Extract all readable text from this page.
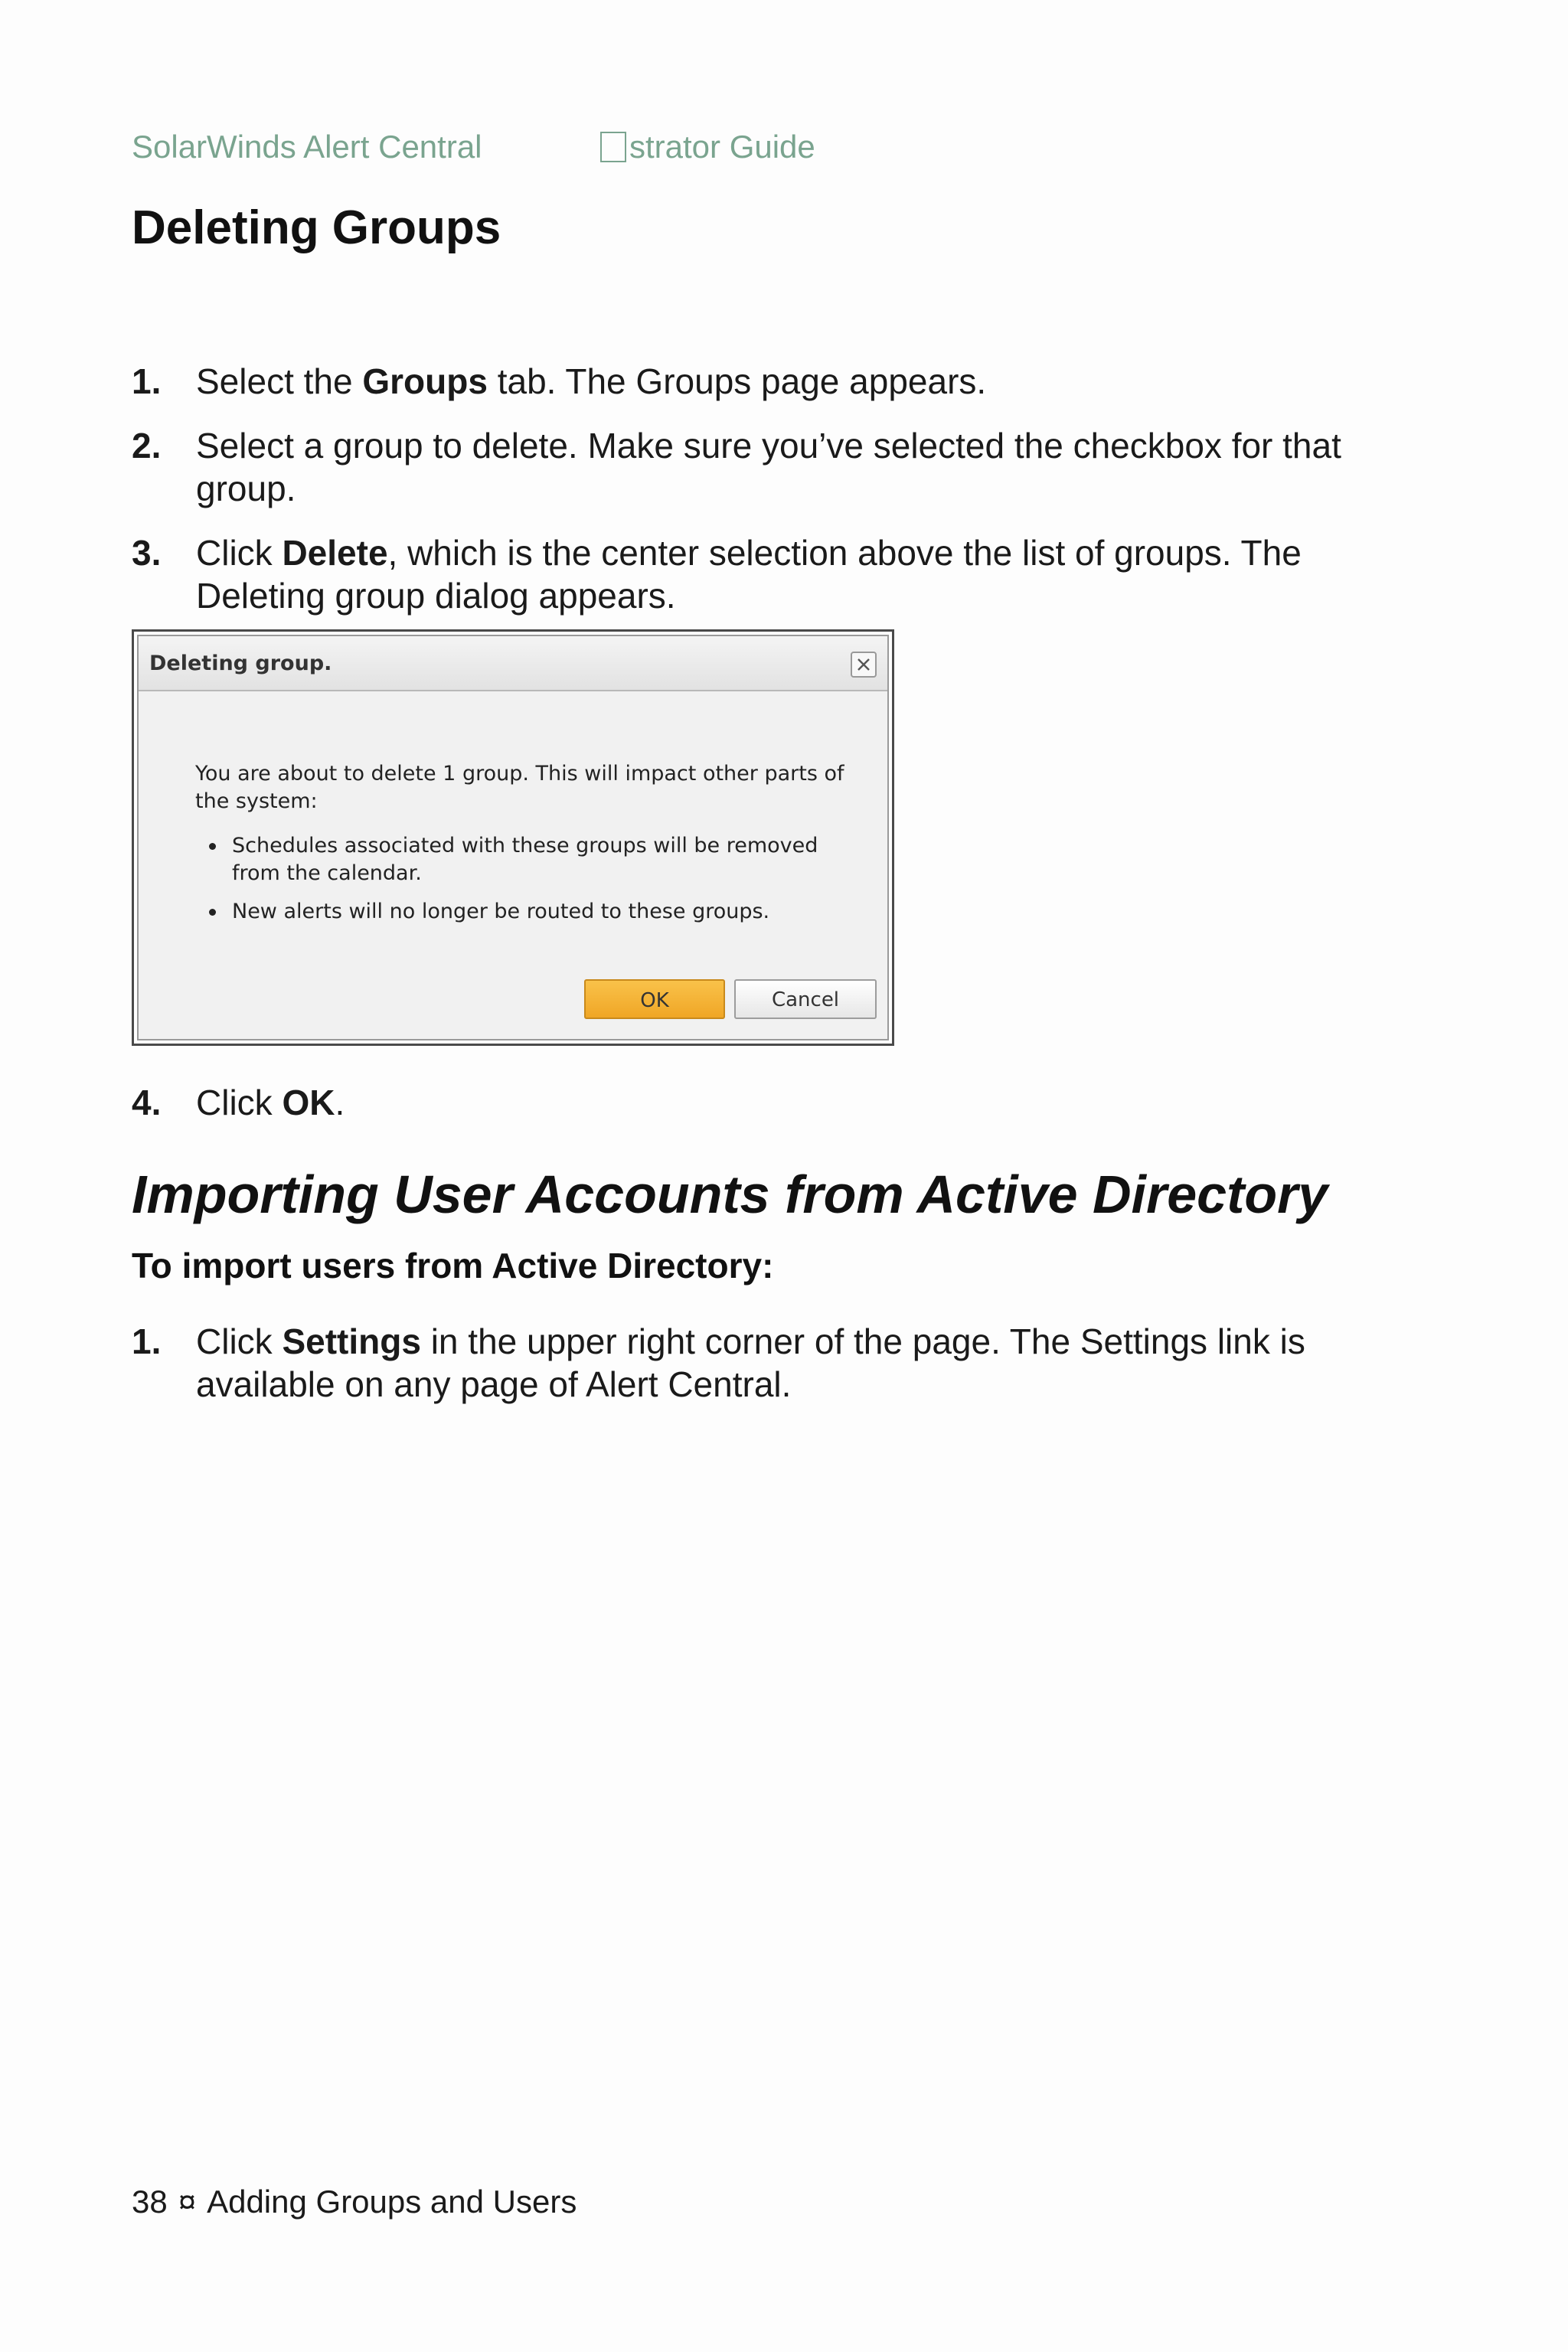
SolarWinds Alert Central	strator Guide
Deleting Groups
1. Select the Groups tab. The Groups page appears.
2. Select a group to delete. Make sure you’ve selected the checkbox for that group.
3. Click Delete, which is the center selection above the list of groups. The Deleting group dialog appears.
Deleting group.
You are about to delete 1 group. This will impact other parts of the system:
Schedules associated with these groups will be removed from the calendar.
New alerts will no longer be routed to these groups.
OK	Cancel
4. Click OK.
Importing User Accounts from Active Directory
To import users from Active Directory:
1. Click Settings in the upper right corner of the page. The Settings link is available on any page of Alert Central.
38 ¤ Adding Groups and Users
